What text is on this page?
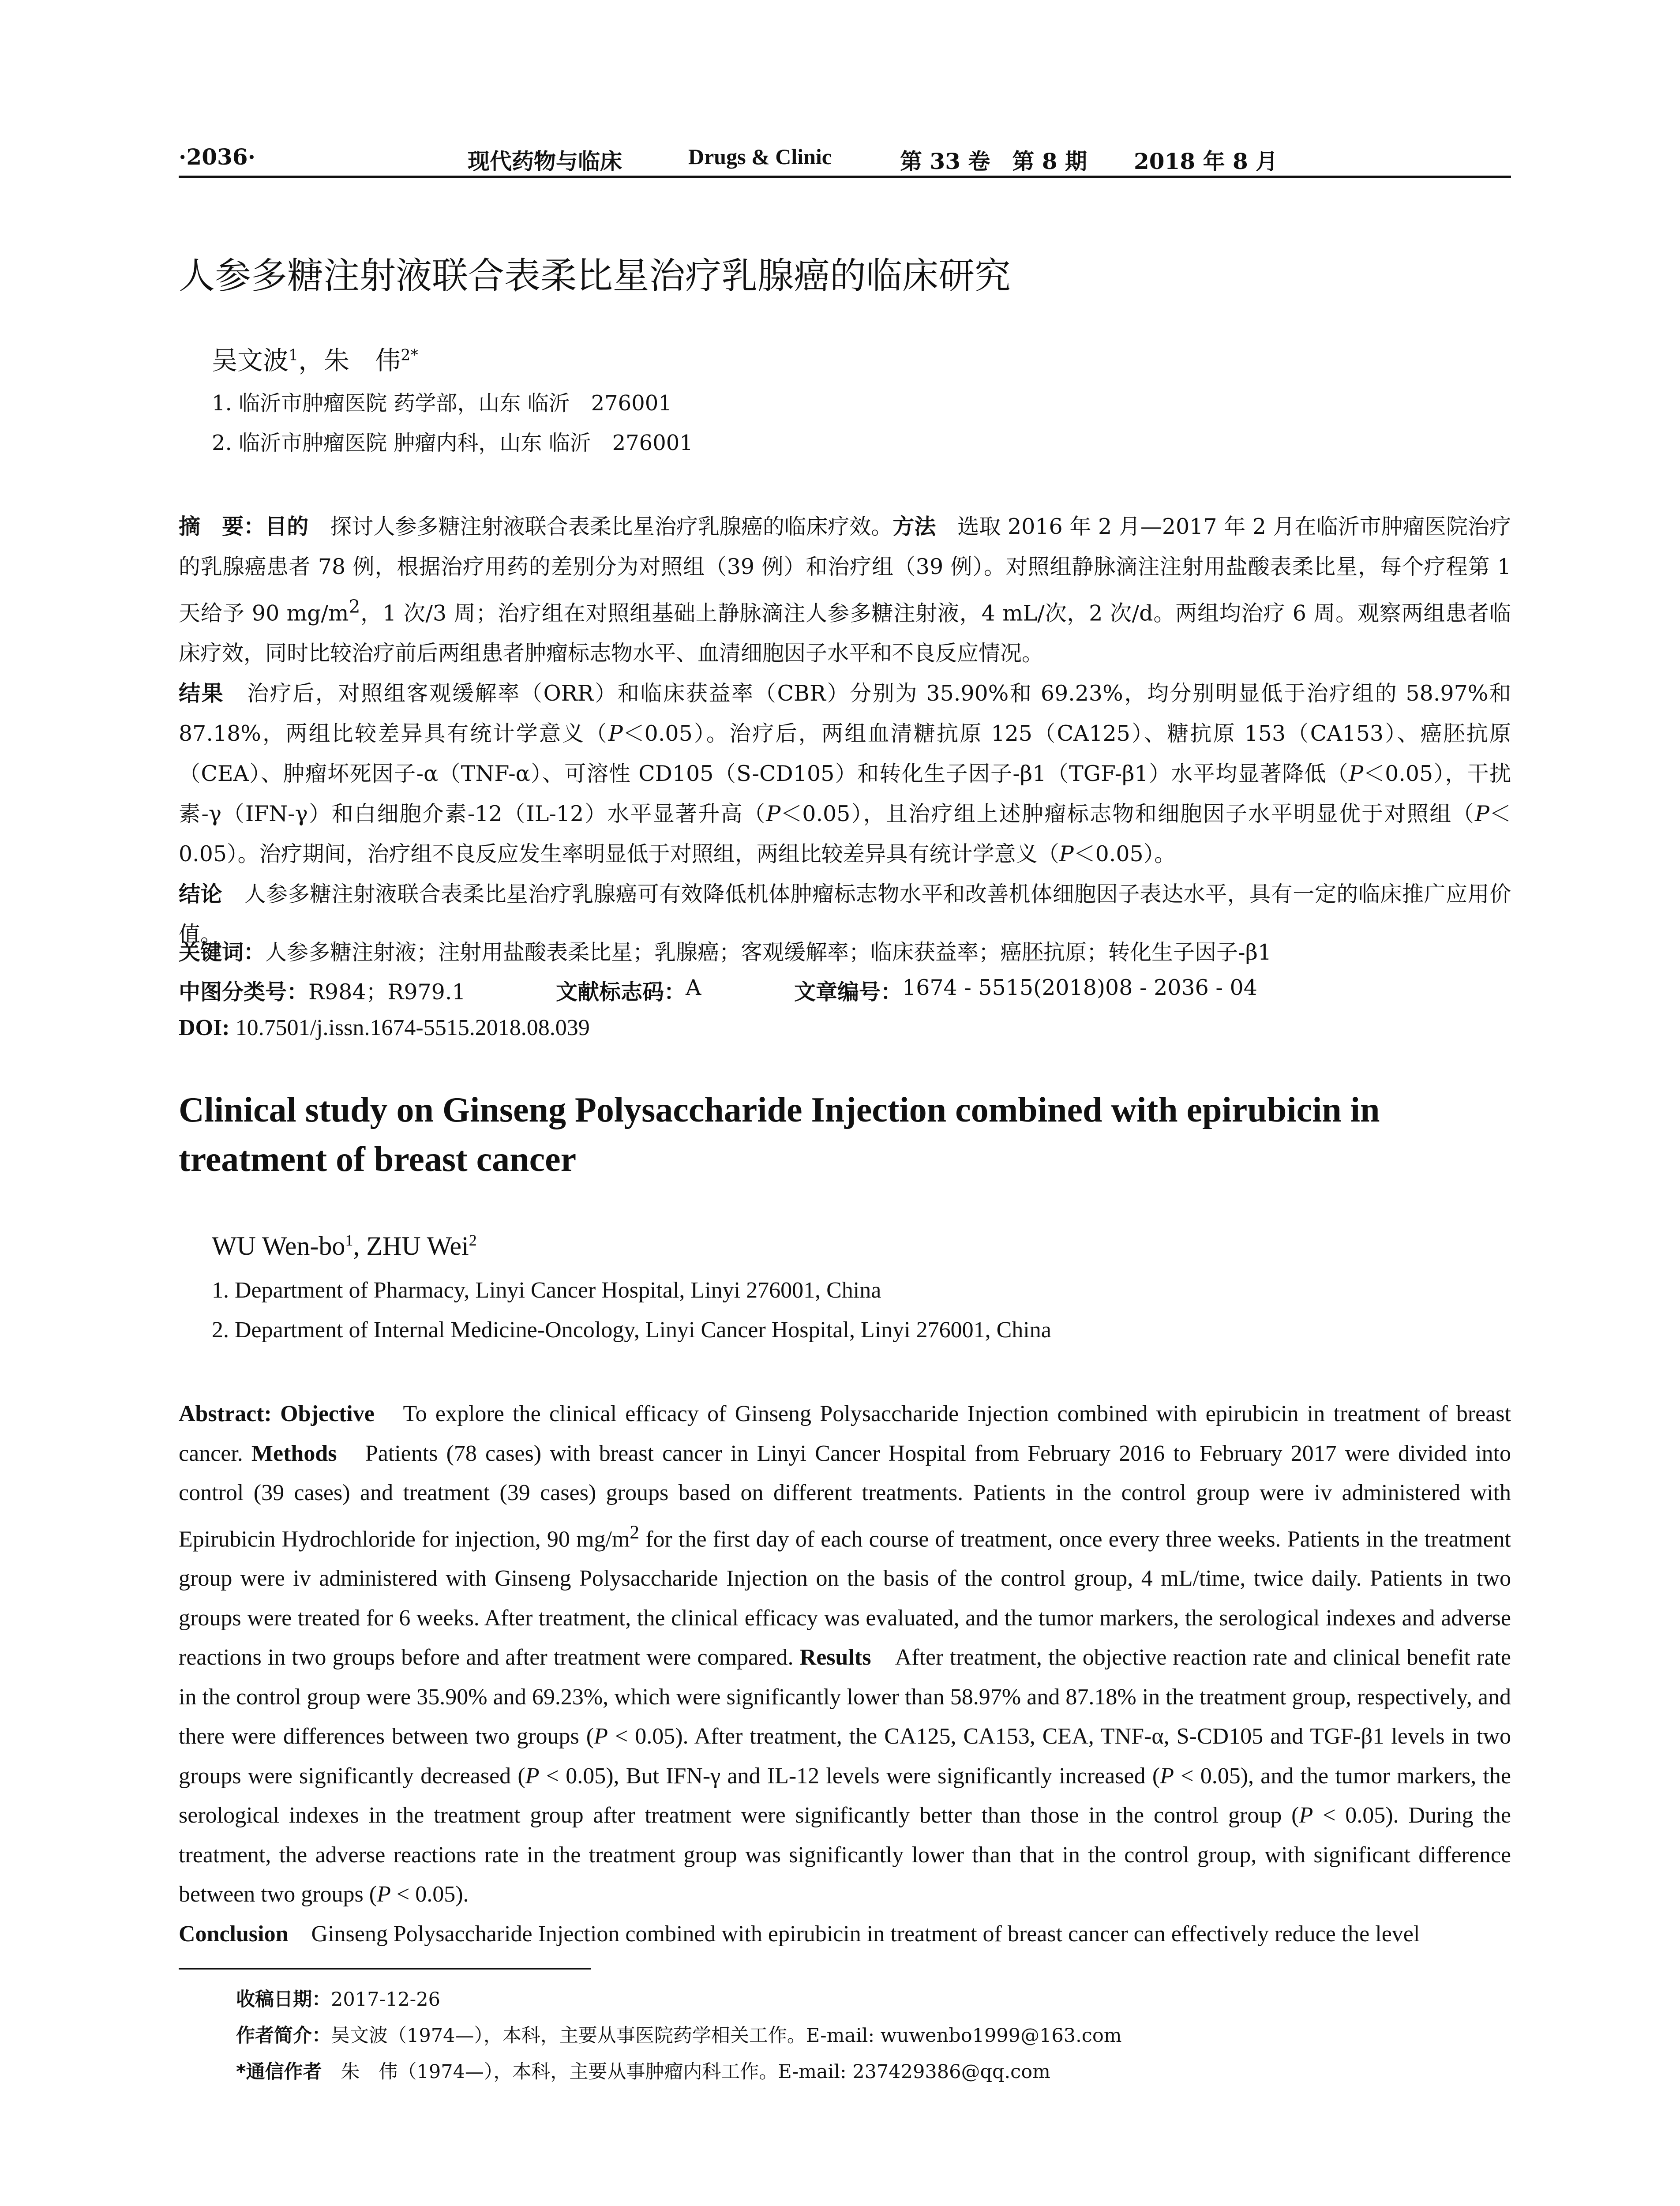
·2036·	现代药物与临床	Drugs & Clinic	第 33 卷　第 8 期 2018 年 8 月
人参多糖注射液联合表柔比星治疗乳腺癌的临床研究
吴文波$^1$，朱　伟$^{2*}$
1. 临沂市肿瘤医院 药学部，山东 临沂　276001
2. 临沂市肿瘤医院 肿瘤内科，山东 临沂　276001

摘　要：目的　探讨人参多糖注射液联合表柔比星治疗乳腺癌的临床疗效。方法　选取 2016 年 2 月—2017 年 2 月在临沂市肿瘤医院治疗的乳腺癌患者 78 例，根据治疗用药的差别分为对照组（39 例）和治疗组（39 例）。对照组静脉滴注注射用盐酸表柔比星，每个疗程第 1 天给予 90 $mg/m^2$，1 次/3 周；治疗组在对照组基础上静脉滴注人参多糖注射液，4 mL/次，2 次/d。两组均治疗 6 周。观察两组患者临床疗效，同时比较治疗前后两组患者肿瘤标志物水平、血清细胞因子水平和不良反应情况。
结果　治疗后，对照组客观缓解率（ORR）和临床获益率（CBR）分别为 35.90%和 69.23%，均分别明显低于治疗组的 58.97%和 87.18%，两组比较差异具有统计学意义（P＜0.05）。治疗后，两组血清糖抗原 125（CA125）、糖抗原 153（CA153）、癌胚抗原（CEA）、肿瘤坏死因子-α（TNF-α）、可溶性 CD105（S-CD105）和转化生子因子-β1（TGF-β1）水平均显著降低（P＜0.05），干扰素-γ（IFN-γ）和白细胞介素-12（IL-12）水平显著升高（P＜0.05），且治疗组上述肿瘤标志物和细胞因子水平明显优于对照组（P＜0.05）。治疗期间，治疗组不良反应发生率明显低于对照组，两组比较差异具有统计学意义（P＜0.05）。
结论　人参多糖注射液联合表柔比星治疗乳腺癌可有效降低机体肿瘤标志物水平和改善机体细胞因子表达水平，具有一定的临床推广应用价值。

关键词：人参多糖注射液；注射用盐酸表柔比星；乳腺癌；客观缓解率；临床获益率；癌胚抗原；转化生子因子-β1
中图分类号： R984；R979.1	文献标志码： A	文章编号： 1674 - 5515(2018)08 - 2036 - 04
DOI: 10.7501/j.issn.1674-5515.2018.08.039
Clinical study on Ginseng Polysaccharide Injection combined with epirubicin in treatment of breast cancer
WU Wen-$bo^1$, ZHU Wei$^2$
1. Department of Pharmacy, Linyi Cancer Hospital, Linyi 276001, China
2. Department of Internal Medicine-Oncology, Linyi Cancer Hospital, Linyi 276001, China

Abstract: Objective　To explore the clinical efficacy of Ginseng Polysaccharide Injection combined with epirubicin in treatment of breast cancer. Methods　Patients (78 cases) with breast cancer in Linyi Cancer Hospital from February 2016 to February 2017 were divided into control (39 cases) and treatment (39 cases) groups based on different treatments. Patients in the control group were iv administered with Epirubicin Hydrochloride for injection, 90 $mg/m^2$ for the first day of each course of treatment, once every three weeks. Patients in the treatment group were iv administered with Ginseng Polysaccharide Injection on the basis of the control group, 4 mL/time, twice daily. Patients in two groups were treated for 6 weeks. After treatment, the clinical efficacy was evaluated, and the tumor markers, the serological indexes and adverse reactions in two groups before and after treatment were compared. Results　After treatment, the objective reaction rate and clinical benefit rate in the control group were 35.90% and 69.23%, which were significantly lower than 58.97% and 87.18% in the treatment group, respectively, and there were differences between two groups (P < 0.05). After treatment, the CA125, CA153, CEA, TNF-α, S-CD105 and TGF-β1 levels in two groups were significantly decreased (P < 0.05), But IFN-γ and IL-12 levels were significantly increased (P < 0.05), and the tumor markers, the serological indexes in the treatment group after treatment were significantly better than those in the control group (P < 0.05). During the treatment, the adverse reactions rate in the treatment group was significantly lower than that in the control group, with significant difference between two groups (P < 0.05).
Conclusion　Ginseng Polysaccharide Injection combined with epirubicin in treatment of breast cancer can effectively reduce the level

收稿日期：2017-12-26
作者简介：吴文波（1974—），本科，主要从事医院药学相关工作。E-mail: wuwenbo1999@163.com
*通信作者　朱　伟（1974—），本科，主要从事肿瘤内科工作。E-mail: 237429386@qq.com
